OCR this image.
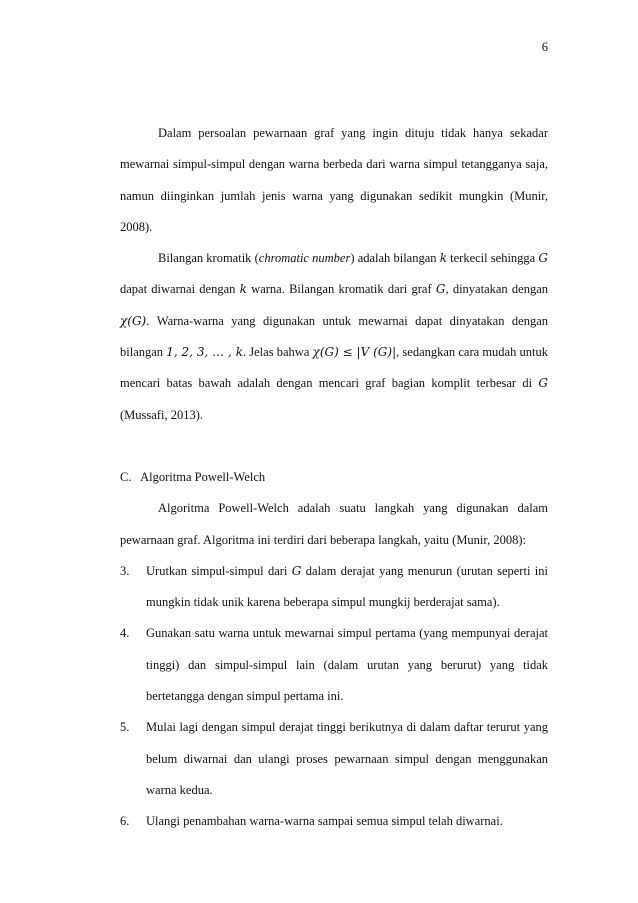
6

Dalam persoalan pewarnaan graf yang ingin dituju tidak hanya sekadar mewarnai simpul-simpul dengan warna berbeda dari warna simpul tetangganya saja, namun diinginkan jumlah jenis warna yang digunakan sedikit mungkin (Munir, 2008).

Bilangan kromatik (chromatic number) adalah bilangan k terkecil sehingga G dapat diwarnai dengan k warna. Bilangan kromatik dari graf G, dinyatakan dengan χ(G). Warna-warna yang digunakan untuk mewarnai dapat dinyatakan dengan bilangan 1, 2, 3, … , k. Jelas bahwa χ(G) ≤ |V (G)|, sedangkan cara mudah untuk mencari batas bawah adalah dengan mencari graf bagian komplit terbesar di G (Mussafi, 2013).

C.   Algoritma Powell-Welch

Algoritma Powell-Welch adalah suatu langkah yang digunakan dalam pewarnaan graf. Algoritma ini terdiri dari beberapa langkah, yaitu (Munir, 2008):

3. Urutkan simpul-simpul dari G dalam derajat yang menurun (urutan seperti ini mungkin tidak unik karena beberapa simpul mungkij berderajat sama).
4. Gunakan satu warna untuk mewarnai simpul pertama (yang mempunyai derajat tinggi) dan simpul-simpul lain (dalam urutan yang berurut) yang tidak bertetangga dengan simpul pertama ini.
5. Mulai lagi dengan simpul derajat tinggi berikutnya di dalam daftar terurut yang belum diwarnai dan ulangi proses pewarnaan simpul dengan menggunakan warna kedua.
6. Ulangi penambahan warna-warna sampai semua simpul telah diwarnai.
